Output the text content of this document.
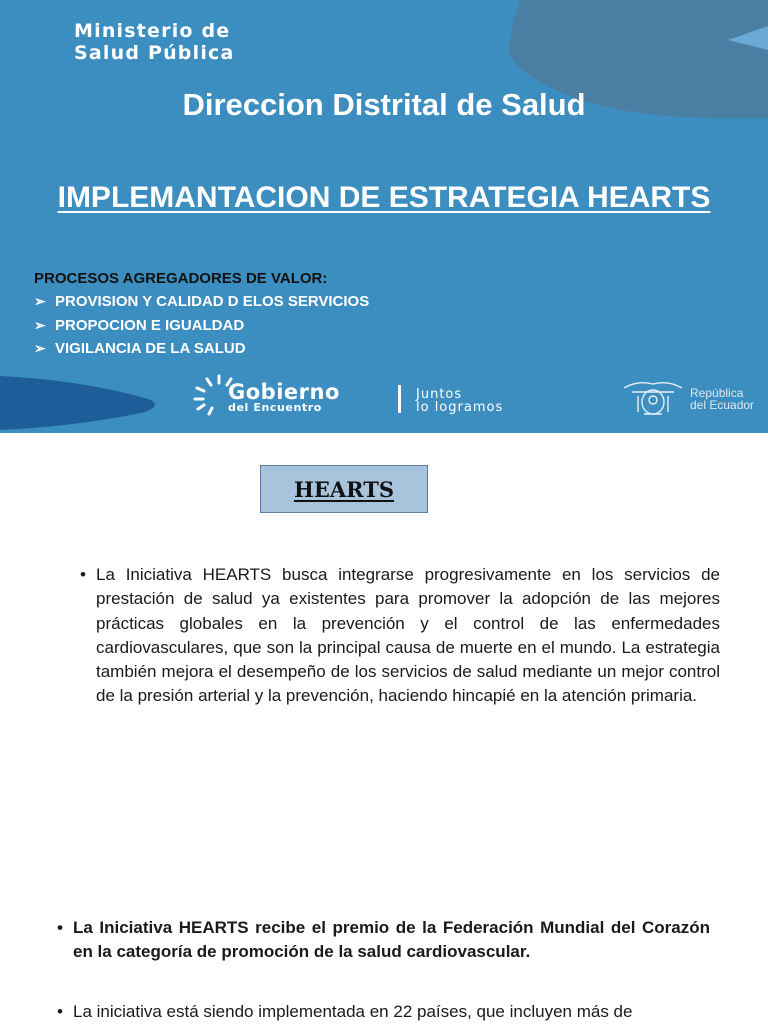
Ministerio de
Salud Pública
Direccion Distrital de Salud
IMPLEMANTACION DE ESTRATEGIA HEARTS
PROCESOS AGREGADORES DE VALOR:
➢ PROVISION Y CALIDAD D ELOS SERVICIOS
➢ PROPOCION E IGUALDAD
➢ VIGILANCIA DE LA SALUD
Gobierno
del Encuentro
Juntos
lo logramos
República
del Ecuador
HEARTS
• La Iniciativa HEARTS busca integrarse progresivamente en los servicios de prestación de salud ya existentes para promover la adopción de las mejores prácticas globales en la prevención y el control de las enfermedades cardiovasculares, que son la principal causa de muerte en el mundo. La estrategia también mejora el desempeño de los servicios de salud mediante un mejor control de la presión arterial y la prevención, haciendo hincapié en la atención primaria.
• La Iniciativa HEARTS recibe el premio de la Federación Mundial del Corazón en la categoría de promoción de la salud cardiovascular.
• La iniciativa está siendo implementada en 22 países, que incluyen más de
